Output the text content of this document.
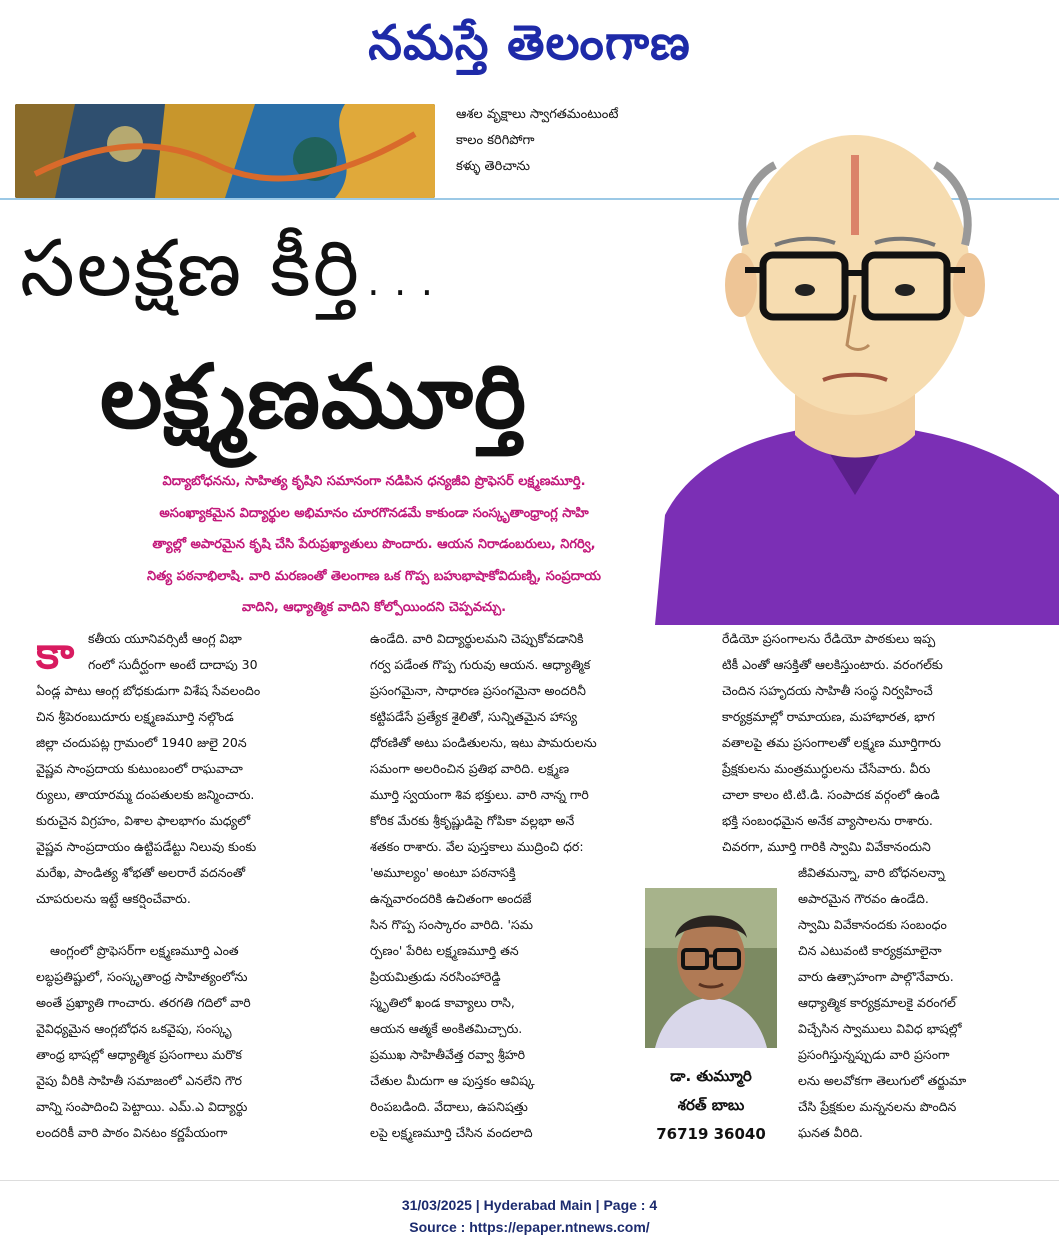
నమస్తే తెలంగాణ
ఆశల వృక్షాలు స్వాగతమంటుంటే
కాలం కరిగిపోగా
కళ్ళు తెరిచాను
సలక్షణ కీర్తి...
లక్ష్మణమూర్తి
విద్యాబోధనను, సాహిత్య కృషిని సమానంగా నడిపిన ధన్యజీవి ప్రొఫెసర్ లక్ష్మణమూర్తి.
అసంఖ్యాకమైన విద్యార్థుల అభిమానం చూరగొనడమే కాకుండా సంస్కృతాంధ్రాంగ్ల సాహి
త్యాల్లో అపారమైన కృషి చేసి పేరుప్రఖ్యాతులు పొందారు. ఆయన నిరాడంబరులు, నిగర్వి,
నిత్య పఠనాభిలాషి. వారి మరణంతో తెలంగాణ ఒక గొప్ప బహుభాషాకోవిదుణ్ని, సంప్రదాయ
వాదిని, ఆధ్యాత్మిక వాదిని కోల్పోయిందని చెప్పవచ్చు.
కా	కతీయ యూనివర్సిటీ ఆంగ్ల విభా
గంలో సుదీర్ఘంగా అంటే దాదాపు 30
ఏండ్ల పాటు ఆంగ్ల బోధకుడుగా విశేష సేవలందిం
చిన శ్రీపెరంబుదూరు లక్ష్మణమూర్తి నల్గొండ
జిల్లా చందుపట్ల గ్రామంలో 1940 జులై 20న
వైష్ణవ సాంప్రదాయ కుటుంబంలో రాఘవాచా
ర్యులు, తాయారమ్మ దంపతులకు జన్మించారు.
కురుచైన విగ్రహం, విశాల ఫాలభాగం మధ్యలో
వైష్ణవ సాంప్రదాయం ఉట్టిపడేట్టు నిలువు కుంకు
మరేఖ, పాండిత్య శోభతో అలరారే వదనంతో
చూపరులను ఇట్టే ఆకర్షించేవారు.
ఆంగ్లంలో ప్రొఫెసర్‌గా లక్ష్మణమూర్తి ఎంత
లబ్ధప్రతిష్టులో, సంస్కృతాంధ్ర సాహిత్యంలోను
అంతే ప్రఖ్యాతి గాంచారు. తరగతి గదిలో వారి
వైవిధ్యమైన ఆంగ్లబోధన ఒకవైపు, సంస్కృ
తాంధ్ర భాషల్లో ఆధ్యాత్మిక ప్రసంగాలు మరొక
వైపు వీరికి సాహితీ సమాజంలో ఎనలేని గౌర
వాన్ని సంపాదించి పెట్టాయి. ఎమ్.ఎ విద్యార్థు
లందరికీ వారి పాఠం వినటం కర్ణపేయంగా
ఉండేది. వారి విద్యార్థులమని చెప్పుకోవడానికి
గర్వ పడేంత గొప్ప గురువు ఆయన. ఆధ్యాత్మిక
ప్రసంగమైనా, సాధారణ ప్రసంగమైనా అందరినీ
కట్టిపడేసే ప్రత్యేక శైలితో, సున్నితమైన హాస్య
ధోరణితో అటు పండితులను, ఇటు పామరులను
సమంగా అలరించిన ప్రతిభ వారిది. లక్ష్మణ
మూర్తి స్వయంగా శివ భక్తులు. వారి నాన్న గారి
కోరిక మేరకు శ్రీకృష్ణుడిపై గోపికా వల్లభా అనే
శతకం రాశారు. వేల పుస్తకాలు ముద్రించి ధర:
'అమూల్యం' అంటూ పఠనాసక్తి
ఉన్నవారందరికి ఉచితంగా అందజే
సిన గొప్ప సంస్కారం వారిది. 'సమ
ర్పణం' పేరిట లక్ష్మణమూర్తి తన
ప్రియమిత్రుడు నరసింహారెడ్డి
స్మృతిలో ఖండ కావ్యాలు రాసి,
ఆయన ఆత్మకే అంకితమిచ్చారు.
ప్రముఖ సాహితీవేత్త రవ్వా శ్రీహరి
చేతుల మీదుగా ఆ పుస్తకం ఆవిష్క
రింపబడింది. వేదాలు, ఉపనిషత్తు
లపై లక్ష్మణమూర్తి చేసిన వందలాది
రేడియో ప్రసంగాలను రేడియో పాఠకులు ఇప్ప
టికీ ఎంతో ఆసక్తితో ఆలకిస్తుంటారు. వరంగల్‌కు
చెందిన సహృదయ సాహితీ సంస్థ నిర్వహించే
కార్యక్రమాల్లో రామాయణ, మహాభారత, భాగ
వతాలపై తమ ప్రసంగాలతో లక్ష్మణ మూర్తిగారు
ప్రేక్షకులను మంత్రముగ్ధులను చేసేవారు. వీరు
చాలా కాలం టి.టి.డి. సంపాదక వర్గంలో ఉండి
భక్తి సంబంధమైన అనేక వ్యాసాలను రాశారు.
చివరగా, మూర్తి గారికి స్వామి వివేకానందుని
జీవితమన్నా, వారి బోధనలన్నా
అపారమైన గౌరవం ఉండేది.
స్వామి వివేకానందకు సంబంధం
చిన ఎటువంటి కార్యక్రమాలైనా
వారు ఉత్సాహంగా పాల్గొనేవారు.
ఆధ్యాత్మిక కార్యక్రమాలకై వరంగల్
విచ్చేసిన స్వాములు వివిధ భాషల్లో
ప్రసంగిస్తున్నప్పుడు వారి ప్రసంగా
లను అలవోకగా తెలుగులో తర్జుమా
చేసి ప్రేక్షకుల మన్ననలను పొందిన
ఘనత వీరిది.
డా. తుమ్మూరి
శరత్ బాబు
76719 36040
31/03/2025 | Hyderabad Main | Page : 4
Source : https://epaper.ntnews.com/
